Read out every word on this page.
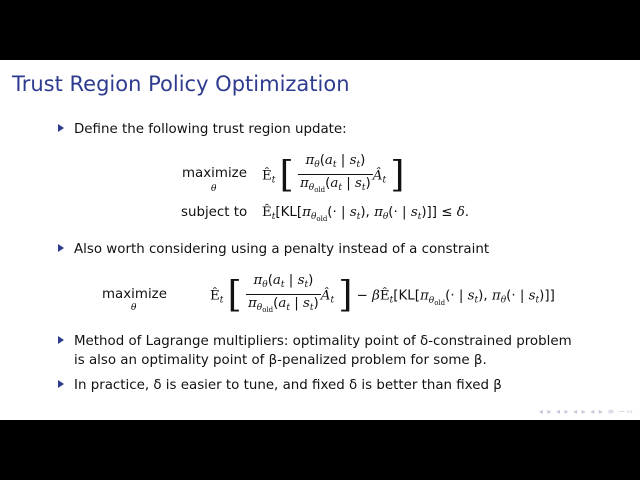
Trust Region Policy Optimization
Define the following trust region update:
maximize
θ
$Ê_t$ [ $\frac{\pi_\theta(a_t | s_t)}{\pi_{\theta_{old}}(a_t | s_t)}$ $Â_t$ ]
subject to $Ê_t[KL[\pi_{\theta_{old}}(\cdot$ | $s_t$), $\pi_\theta(\cdot$ | $s_t)]] \le \delta$.
Also worth considering using a penalty instead of a constraint
maximize
θ
$Ê_t$ [ $\frac{\pi_\theta(a_t | s_t)}{\pi_{\theta_{old}}(a_t | s_t)}$ $Â_t$ ] − $\beta Ê_t[KL[\pi_{\theta_{old}}(\cdot$ | $s_t$), $\pi_\theta(\cdot$ | $s_t$)]]
Method of Lagrange multipliers: optimality point of δ-constrained problem
is also an optimality point of β-penalized problem for some β.
In practice, δ is easier to tune, and fixed δ is better than fixed β
◂ ▸ ◂ ▸ ◂ ▸ ◂ ▸ ≡ ∽∾
